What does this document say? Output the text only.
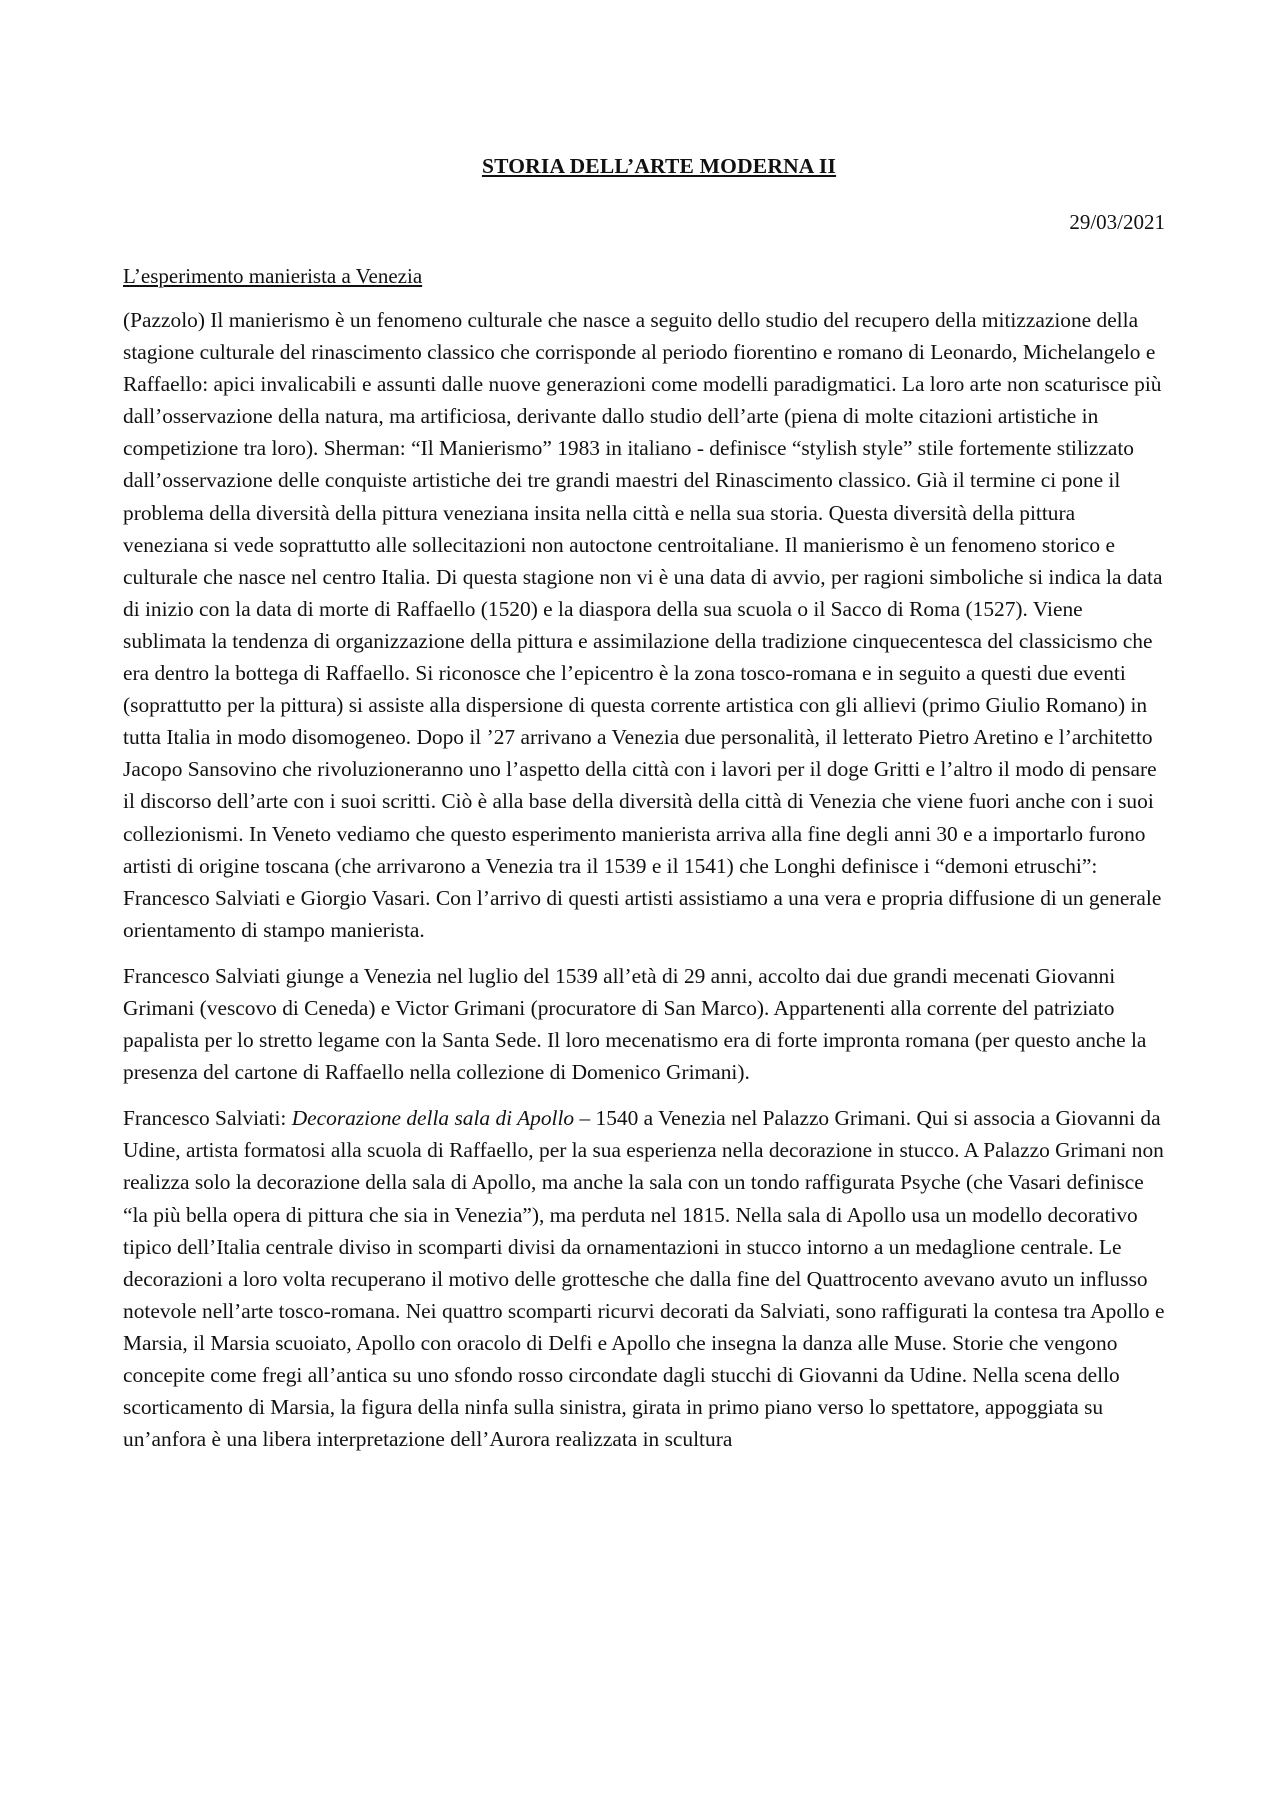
STORIA DELL’ARTE MODERNA II

29/03/2021

L’esperimento manierista a Venezia

(Pazzolo) Il manierismo è un fenomeno culturale che nasce a seguito dello studio del recupero della mitizzazione della stagione culturale del rinascimento classico che corrisponde al periodo fiorentino e romano di Leonardo, Michelangelo e Raffaello: apici invalicabili e assunti dalle nuove generazioni come modelli paradigmatici. La loro arte non scaturisce più dall’osservazione della natura, ma artificiosa, derivante dallo studio dell’arte (piena di molte citazioni artistiche in competizione tra loro). Sherman: “Il Manierismo” 1983 in italiano - definisce “stylish style” stile fortemente stilizzato dall’osservazione delle conquiste artistiche dei tre grandi maestri del Rinascimento classico. Già il termine ci pone il problema della diversità della pittura veneziana insita nella città e nella sua storia. Questa diversità della pittura veneziana si vede soprattutto alle sollecitazioni non autoctone centroitaliane. Il manierismo è un fenomeno storico e culturale che nasce nel centro Italia. Di questa stagione non vi è una data di avvio, per ragioni simboliche si indica la data di inizio con la data di morte di Raffaello (1520) e la diaspora della sua scuola o il Sacco di Roma (1527). Viene sublimata la tendenza di organizzazione della pittura e assimilazione della tradizione cinquecentesca del classicismo che era dentro la bottega di Raffaello. Si riconosce che l’epicentro è la zona tosco-romana e in seguito a questi due eventi (soprattutto per la pittura) si assiste alla dispersione di questa corrente artistica con gli allievi (primo Giulio Romano) in tutta Italia in modo disomogeneo. Dopo il ’27 arrivano a Venezia due personalità, il letterato Pietro Aretino e l’architetto Jacopo Sansovino che rivoluzioneranno uno l’aspetto della città con i lavori per il doge Gritti e l’altro il modo di pensare il discorso dell’arte con i suoi scritti. Ciò è alla base della diversità della città di Venezia che viene fuori anche con i suoi collezionismi. In Veneto vediamo che questo esperimento manierista arriva alla fine degli anni 30 e a importarlo furono artisti di origine toscana (che arrivarono a Venezia tra il 1539 e il 1541) che Longhi definisce i “demoni etruschi”: Francesco Salviati e Giorgio Vasari. Con l’arrivo di questi artisti assistiamo a una vera e propria diffusione di un generale orientamento di stampo manierista.

Francesco Salviati giunge a Venezia nel luglio del 1539 all’età di 29 anni, accolto dai due grandi mecenati Giovanni Grimani (vescovo di Ceneda) e Victor Grimani (procuratore di San Marco). Appartenenti alla corrente del patriziato papalista per lo stretto legame con la Santa Sede. Il loro mecenatismo era di forte impronta romana (per questo anche la presenza del cartone di Raffaello nella collezione di Domenico Grimani).

Francesco Salviati: Decorazione della sala di Apollo – 1540 a Venezia nel Palazzo Grimani. Qui si associa a Giovanni da Udine, artista formatosi alla scuola di Raffaello, per la sua esperienza nella decorazione in stucco. A Palazzo Grimani non realizza solo la decorazione della sala di Apollo, ma anche la sala con un tondo raffigurata Psyche (che Vasari definisce “la più bella opera di pittura che sia in Venezia”), ma perduta nel 1815. Nella sala di Apollo usa un modello decorativo tipico dell’Italia centrale diviso in scomparti divisi da ornamentazioni in stucco intorno a un medaglione centrale. Le decorazioni a loro volta recuperano il motivo delle grottesche che dalla fine del Quattrocento avevano avuto un influsso notevole nell’arte tosco-romana. Nei quattro scomparti ricurvi decorati da Salviati, sono raffigurati la contesa tra Apollo e Marsia, il Marsia scuoiato, Apollo con oracolo di Delfi e Apollo che insegna la danza alle Muse. Storie che vengono concepite come fregi all’antica su uno sfondo rosso circondate dagli stucchi di Giovanni da Udine. Nella scena dello scorticamento di Marsia, la figura della ninfa sulla sinistra, girata in primo piano verso lo spettatore, appoggiata su un’anfora è una libera interpretazione dell’Aurora realizzata in scultura
